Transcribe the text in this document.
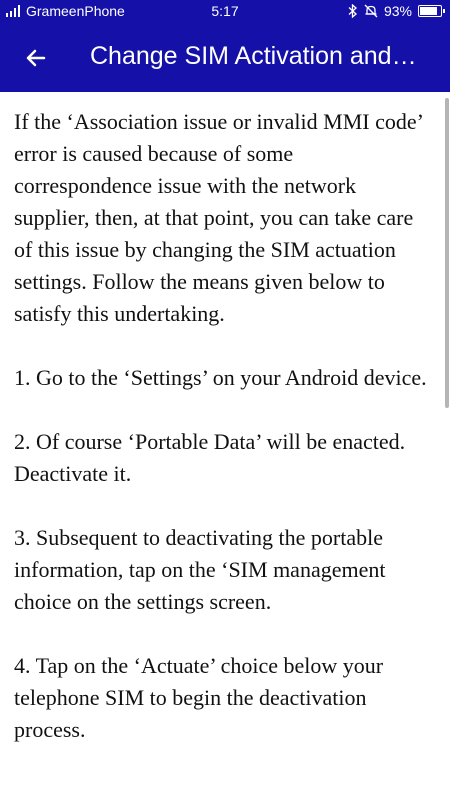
GrameenPhone	5:17	93%
Change SIM Activation and…

If the ‘Association issue or invalid MMI code’ error is caused because of some correspondence issue with the network supplier, then, at that point, you can take care of this issue by changing the SIM actuation settings. Follow the means given below to satisfy this undertaking.

1. Go to the ‘Settings’ on your Android device.

2. Of course ‘Portable Data’ will be enacted. Deactivate it.

3. Subsequent to deactivating the portable information, tap on the ‘SIM management choice on the settings screen.

4. Tap on the ‘Actuate’ choice below your telephone SIM to begin the deactivation process.
